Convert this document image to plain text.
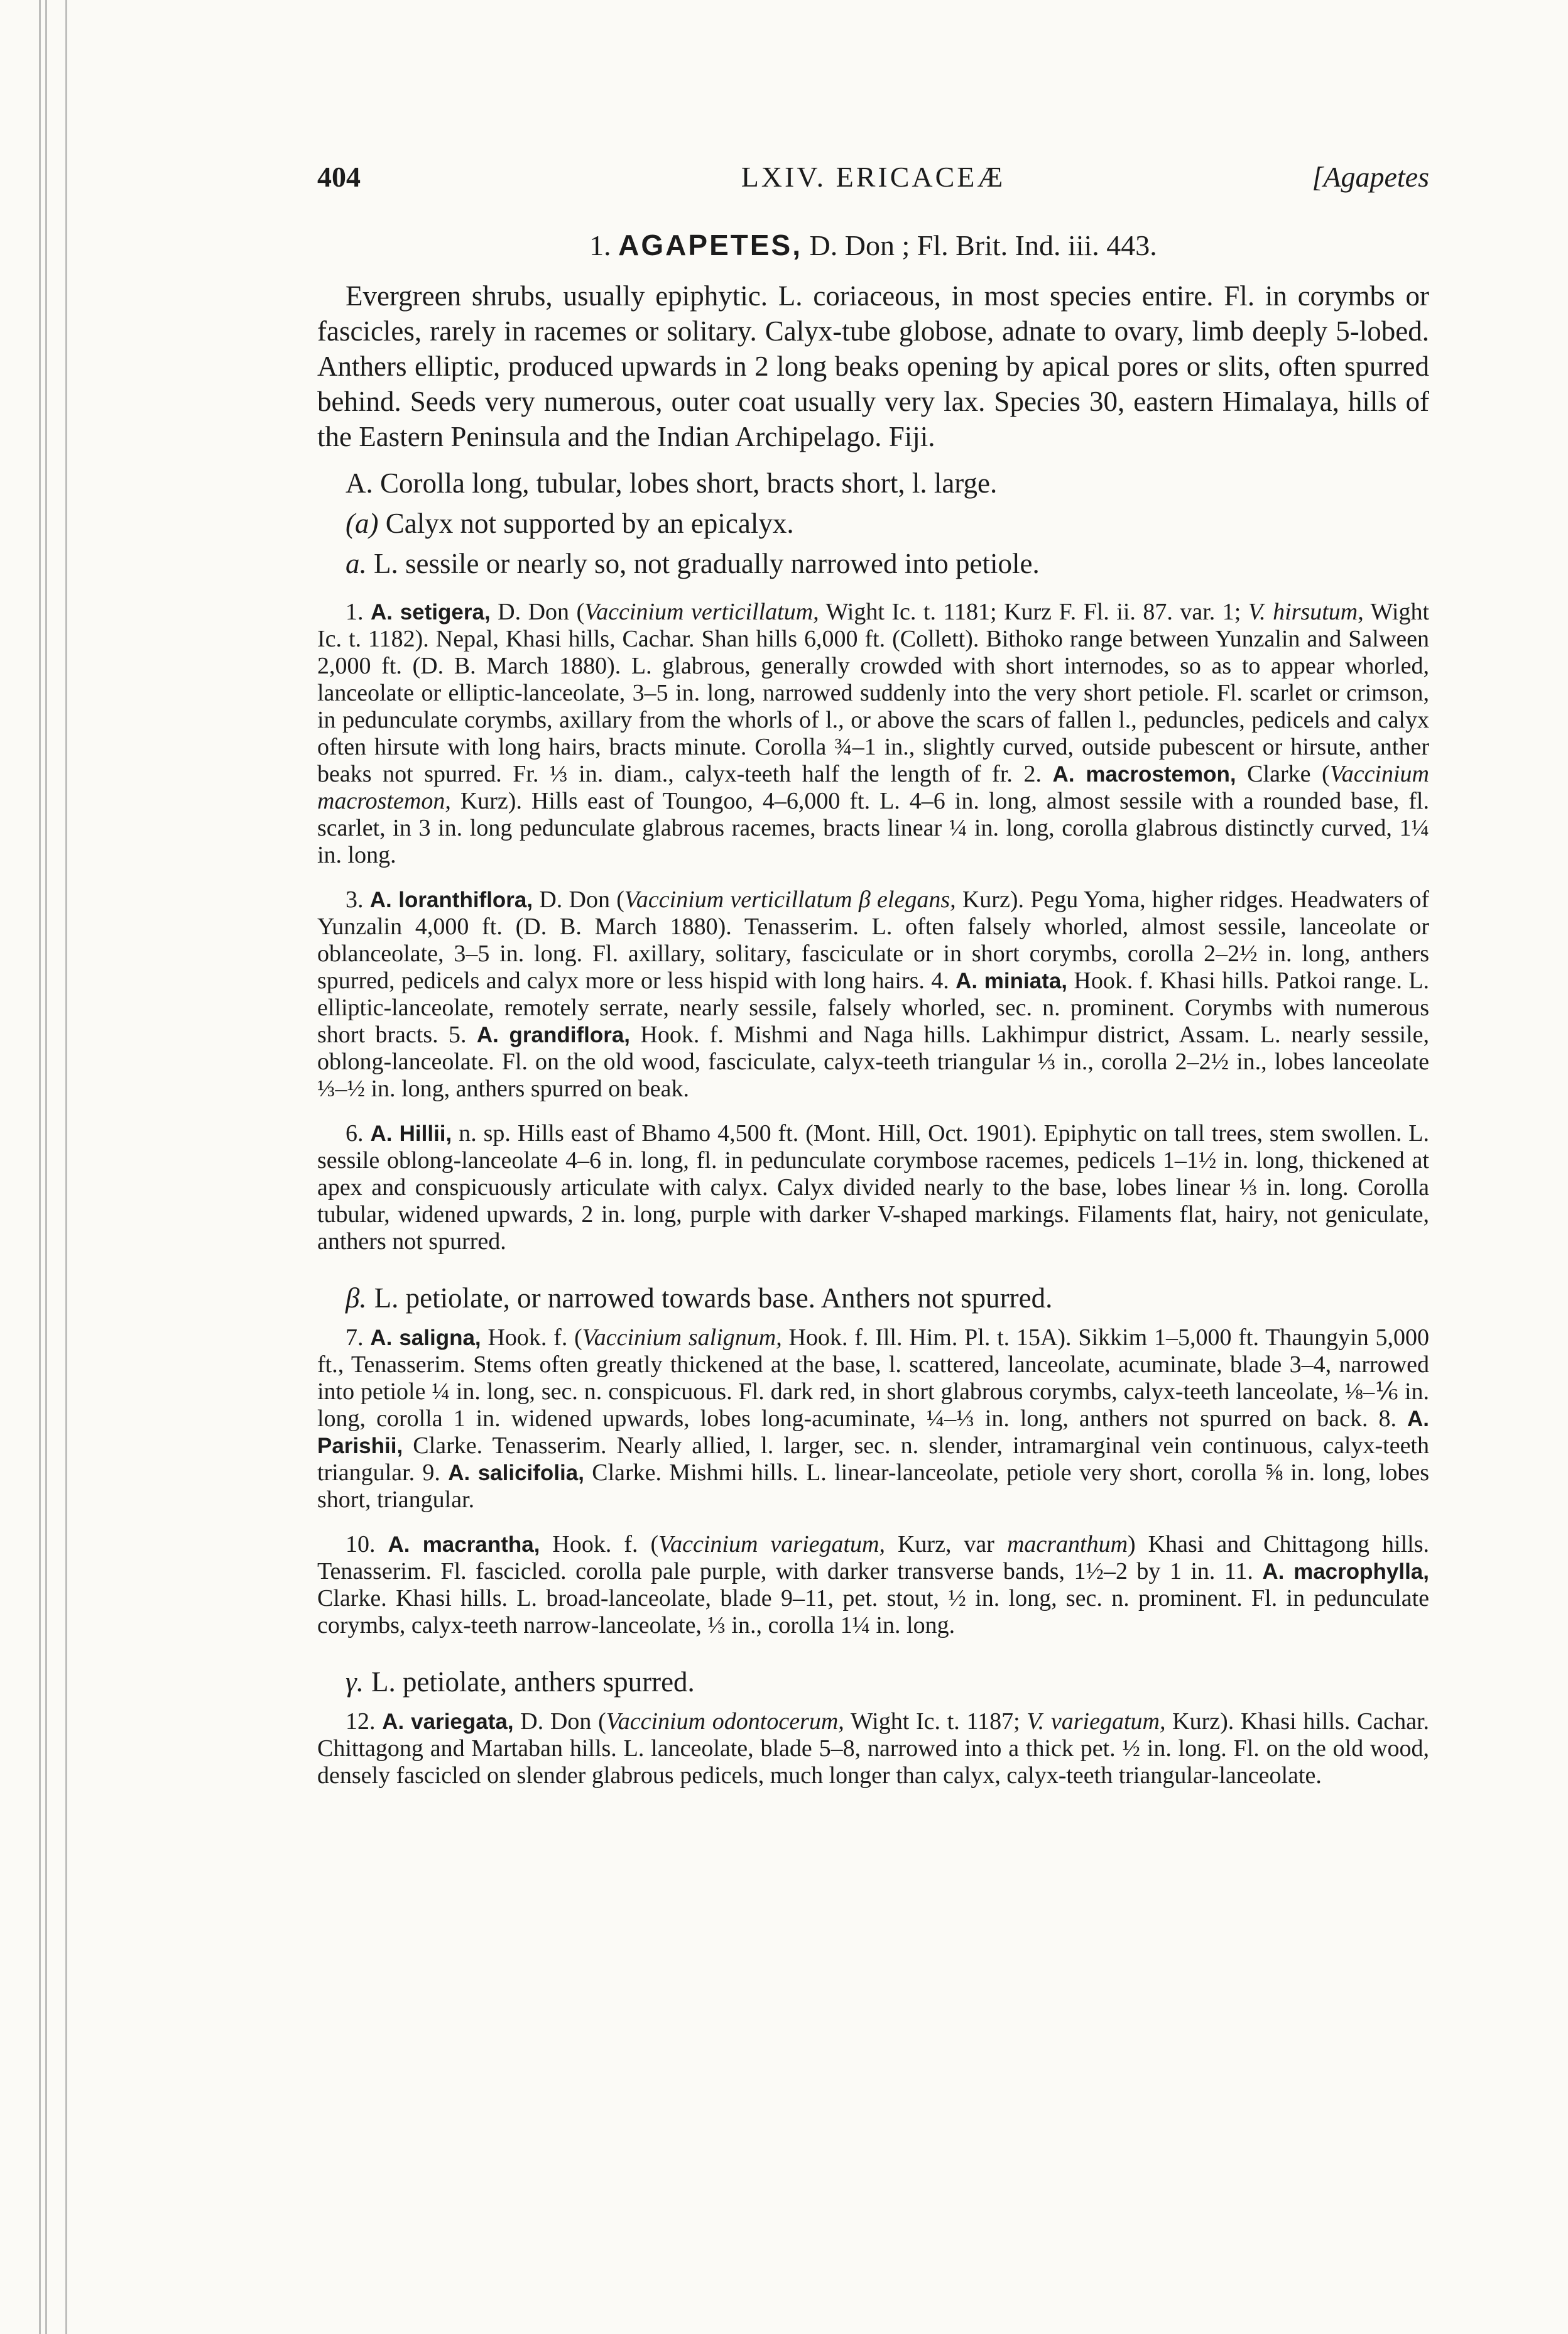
404	LXIV. ERICACEÆ	[Agapetes
1. AGAPETES, D. Don ; Fl. Brit. Ind. iii. 443.

Evergreen shrubs, usually epiphytic. L. coriaceous, in most species entire. Fl. in corymbs or fascicles, rarely in racemes or solitary. Calyx-tube globose, adnate to ovary, limb deeply 5-lobed. Anthers elliptic, produced upwards in 2 long beaks opening by apical pores or slits, often spurred behind. Seeds very numerous, outer coat usually very lax. Species 30, eastern Himalaya, hills of the Eastern Peninsula and the Indian Archipelago. Fiji.

A. Corolla long, tubular, lobes short, bracts short, l. large.
(a) Calyx not supported by an epicalyx.
a. L. sessile or nearly so, not gradually narrowed into petiole.

1. A. setigera, D. Don (Vaccinium verticillatum, Wight Ic. t. 1181; Kurz F. Fl. ii. 87. var. 1; V. hirsutum, Wight Ic. t. 1182). Nepal, Khasi hills, Cachar. Shan hills 6,000 ft. (Collett). Bithoko range between Yunzalin and Salween 2,000 ft. (D. B. March 1880). L. glabrous, generally crowded with short internodes, so as to appear whorled, lanceolate or elliptic-lanceolate, 3–5 in. long, narrowed suddenly into the very short petiole. Fl. scarlet or crimson, in pedunculate corymbs, axillary from the whorls of l., or above the scars of fallen l., peduncles, pedicels and calyx often hirsute with long hairs, bracts minute. Corolla ¾–1 in., slightly curved, outside pubescent or hirsute, anther beaks not spurred. Fr. ⅓ in. diam., calyx-teeth half the length of fr. 2. A. macrostemon, Clarke (Vaccinium macrostemon, Kurz). Hills east of Toungoo, 4–6,000 ft. L. 4–6 in. long, almost sessile with a rounded base, fl. scarlet, in 3 in. long pedunculate glabrous racemes, bracts linear ¼ in. long, corolla glabrous distinctly curved, 1¼ in. long.

3. A. loranthiflora, D. Don (Vaccinium verticillatum β elegans, Kurz). Pegu Yoma, higher ridges. Headwaters of Yunzalin 4,000 ft. (D. B. March 1880). Tenasserim. L. often falsely whorled, almost sessile, lanceolate or oblanceolate, 3–5 in. long. Fl. axillary, solitary, fasciculate or in short corymbs, corolla 2–2½ in. long, anthers spurred, pedicels and calyx more or less hispid with long hairs. 4. A. miniata, Hook. f. Khasi hills. Patkoi range. L. elliptic-lanceolate, remotely serrate, nearly sessile, falsely whorled, sec. n. prominent. Corymbs with numerous short bracts. 5. A. grandiflora, Hook. f. Mishmi and Naga hills. Lakhimpur district, Assam. L. nearly sessile, oblong-lanceolate. Fl. on the old wood, fasciculate, calyx-teeth triangular ⅓ in., corolla 2–2½ in., lobes lanceolate ⅓–½ in. long, anthers spurred on beak.

6. A. Hillii, n. sp. Hills east of Bhamo 4,500 ft. (Mont. Hill, Oct. 1901). Epiphytic on tall trees, stem swollen. L. sessile oblong-lanceolate 4–6 in. long, fl. in pedunculate corymbose racemes, pedicels 1–1½ in. long, thickened at apex and conspicuously articulate with calyx. Calyx divided nearly to the base, lobes linear ⅓ in. long. Corolla tubular, widened upwards, 2 in. long, purple with darker V-shaped markings. Filaments flat, hairy, not geniculate, anthers not spurred.

β. L. petiolate, or narrowed towards base. Anthers not spurred.

7. A. saligna, Hook. f. (Vaccinium salignum, Hook. f. Ill. Him. Pl. t. 15A). Sikkim 1–5,000 ft. Thaungyin 5,000 ft., Tenasserim. Stems often greatly thickened at the base, l. scattered, lanceolate, acuminate, blade 3–4, narrowed into petiole ¼ in. long, sec. n. conspicuous. Fl. dark red, in short glabrous corymbs, calyx-teeth lanceolate, ⅛–⅙ in. long, corolla 1 in. widened upwards, lobes long-acuminate, ¼–⅓ in. long, anthers not spurred on back. 8. A. Parishii, Clarke. Tenasserim. Nearly allied, l. larger, sec. n. slender, intramarginal vein continuous, calyx-teeth triangular. 9. A. salicifolia, Clarke. Mishmi hills. L. linear-lanceolate, petiole very short, corolla ⅝ in. long, lobes short, triangular.

10. A. macrantha, Hook. f. (Vaccinium variegatum, Kurz, var macranthum) Khasi and Chittagong hills. Tenasserim. Fl. fascicled. corolla pale purple, with darker transverse bands, 1½–2 by 1 in. 11. A. macrophylla, Clarke. Khasi hills. L. broad-lanceolate, blade 9–11, pet. stout, ½ in. long, sec. n. prominent. Fl. in pedunculate corymbs, calyx-teeth narrow-lanceolate, ⅓ in., corolla 1¼ in. long.

γ. L. petiolate, anthers spurred.

12. A. variegata, D. Don (Vaccinium odontocerum, Wight Ic. t. 1187; V. variegatum, Kurz). Khasi hills. Cachar. Chittagong and Martaban hills. L. lanceolate, blade 5–8, narrowed into a thick pet. ½ in. long. Fl. on the old wood, densely fascicled on slender glabrous pedicels, much longer than calyx, calyx-teeth triangular-lanceolate.
